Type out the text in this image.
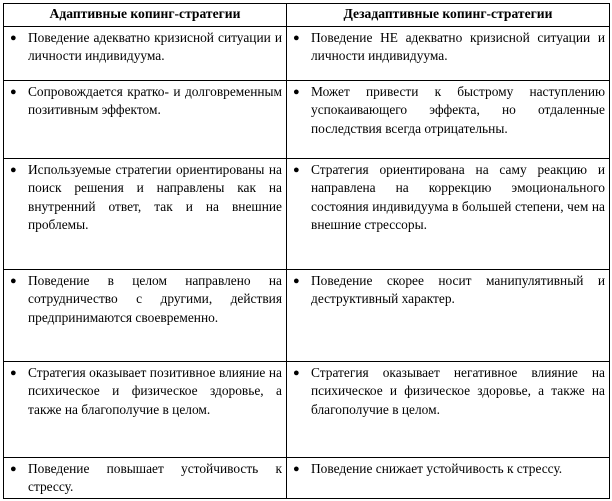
Адаптивные копинг-стратегии	Дезадаптивные копинг-стратегии

● Поведение адекватно кризисной ситуации и личности индивидуума.	● Поведение НЕ адекватно кризисной ситуации и личности индивидуума.

● Сопровождается кратко- и долговременным позитивным эффектом.	● Может привести к быстрому наступлению успокаивающего эффекта, но отдаленные последствия всегда отрицательны.

● Используемые стратегии ориентированы на поиск решения и направлены как на внутренний ответ, так и на внешние проблемы.	● Стратегия ориентирована на саму реакцию и направлена на коррекцию эмоционального состояния индивидуума в большей степени, чем на внешние стрессоры.

● Поведение в целом направлено на сотрудничество с другими, действия предпринимаются своевременно.	● Поведение скорее носит манипулятивный и деструктивный характер.

● Стратегия оказывает позитивное влияние на психическое и физическое здоровье, а также на благополучие в целом.	● Стратегия оказывает негативное влияние на психическое и физическое здоровье, а также на благополучие в целом.

● Поведение повышает устойчивость к стрессу.	● Поведение снижает устойчивость к стрессу.
